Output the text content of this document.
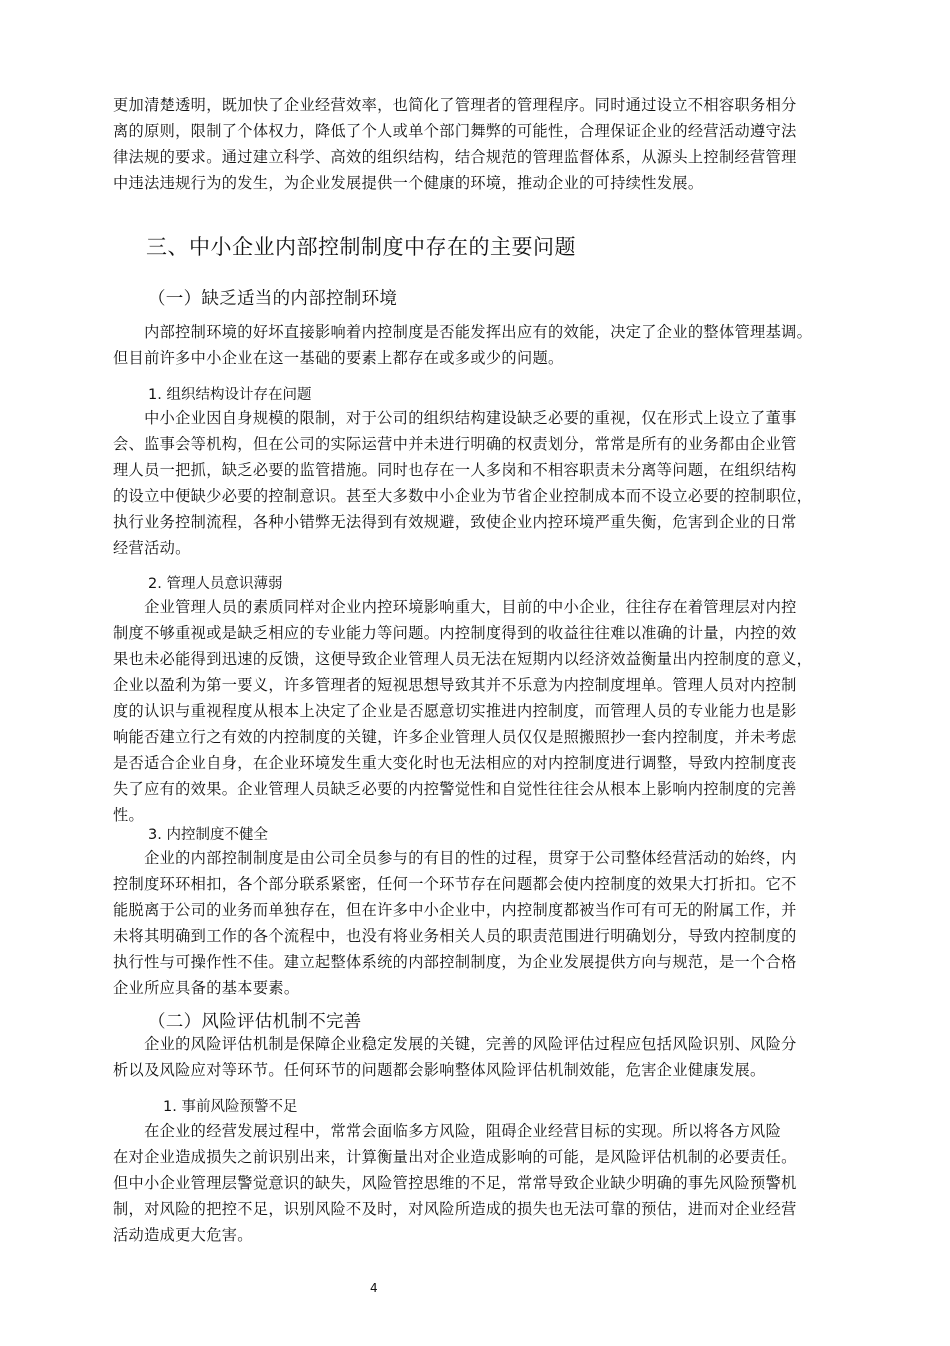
更加清楚透明，既加快了企业经营效率，也简化了管理者的管理程序。同时通过设立不相容职务相分
离的原则，限制了个体权力，降低了个人或单个部门舞弊的可能性，合理保证企业的经营活动遵守法
律法规的要求。通过建立科学、高效的组织结构，结合规范的管理监督体系，从源头上控制经营管理
中违法违规行为的发生，为企业发展提供一个健康的环境，推动企业的可持续性发展。
三、中小企业内部控制制度中存在的主要问题
（一）缺乏适当的内部控制环境
　　内部控制环境的好坏直接影响着内控制度是否能发挥出应有的效能，决定了企业的整体管理基调。
但目前许多中小企业在这一基础的要素上都存在或多或少的问题。
1. 组织结构设计存在问题
　　中小企业因自身规模的限制，对于公司的组织结构建设缺乏必要的重视，仅在形式上设立了董事
会、监事会等机构，但在公司的实际运营中并未进行明确的权责划分，常常是所有的业务都由企业管
理人员一把抓，缺乏必要的监管措施。同时也存在一人多岗和不相容职责未分离等问题，在组织结构
的设立中便缺少必要的控制意识。甚至大多数中小企业为节省企业控制成本而不设立必要的控制职位，
执行业务控制流程，各种小错弊无法得到有效规避，致使企业内控环境严重失衡，危害到企业的日常
经营活动。
2. 管理人员意识薄弱
　　企业管理人员的素质同样对企业内控环境影响重大，目前的中小企业，往往存在着管理层对内控
制度不够重视或是缺乏相应的专业能力等问题。内控制度得到的收益往往难以准确的计量，内控的效
果也未必能得到迅速的反馈，这便导致企业管理人员无法在短期内以经济效益衡量出内控制度的意义，
企业以盈利为第一要义，许多管理者的短视思想导致其并不乐意为内控制度埋单。管理人员对内控制
度的认识与重视程度从根本上决定了企业是否愿意切实推进内控制度，而管理人员的专业能力也是影
响能否建立行之有效的内控制度的关键，许多企业管理人员仅仅是照搬照抄一套内控制度，并未考虑
是否适合企业自身，在企业环境发生重大变化时也无法相应的对内控制度进行调整，导致内控制度丧
失了应有的效果。企业管理人员缺乏必要的内控警觉性和自觉性往往会从根本上影响内控制度的完善
性。
3. 内控制度不健全
　　企业的内部控制制度是由公司全员参与的有目的性的过程，贯穿于公司整体经营活动的始终，内
控制度环环相扣，各个部分联系紧密，任何一个环节存在问题都会使内控制度的效果大打折扣。它不
能脱离于公司的业务而单独存在，但在许多中小企业中，内控制度都被当作可有可无的附属工作，并
未将其明确到工作的各个流程中，也没有将业务相关人员的职责范围进行明确划分，导致内控制度的
执行性与可操作性不佳。建立起整体系统的内部控制制度，为企业发展提供方向与规范，是一个合格
企业所应具备的基本要素。
（二）风险评估机制不完善
　　企业的风险评估机制是保障企业稳定发展的关键，完善的风险评估过程应包括风险识别、风险分
析以及风险应对等环节。任何环节的问题都会影响整体风险评估机制效能，危害企业健康发展。
1. 事前风险预警不足
　　在企业的经营发展过程中，常常会面临多方风险，阻碍企业经营目标的实现。所以将各方风险
在对企业造成损失之前识别出来，计算衡量出对企业造成影响的可能，是风险评估机制的必要责任。
但中小企业管理层警觉意识的缺失，风险管控思维的不足，常常导致企业缺少明确的事先风险预警机
制，对风险的把控不足，识别风险不及时，对风险所造成的损失也无法可靠的预估，进而对企业经营
活动造成更大危害。
4
